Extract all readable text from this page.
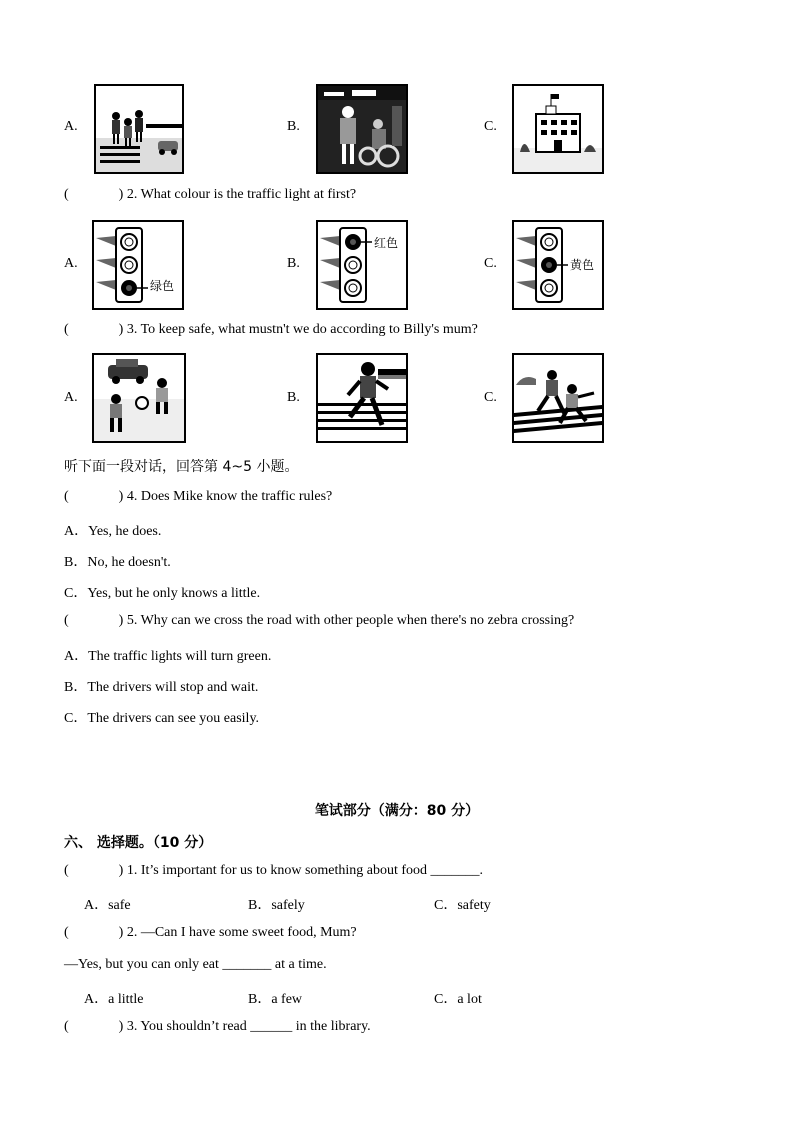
A.	B.	C.
(	) 2. What colour is the traffic light at first?
A.
绿色
B.
红色
C.	黄色
(	) 3. To keep safe, what mustn't we do according to Billy's mum?
A.	B.	C.
听下面一段对话，回答第 4~5 小题。
(	) 4. Does Mike know the traffic rules?
A．Yes, he does.
B．No, he doesn't.
C．Yes, but he only knows a little.
(	) 5. Why can we cross the road with other people when there's no zebra crossing?
A．The traffic lights will turn green.
B．The drivers will stop and wait.
C．The drivers can see you easily.
笔试部分（满分：80 分）
六、 选择题。（10 分）
(	) 1. It’s important for us to know something about food _______.
A．safe	B．safely	C．safety
(	) 2. —Can I have some sweet food, Mum?
—Yes, but you can only eat _______ at a time.
A．a little	B．a few	C．a lot
(	) 3. You shouldn’t read ______ in the library.
